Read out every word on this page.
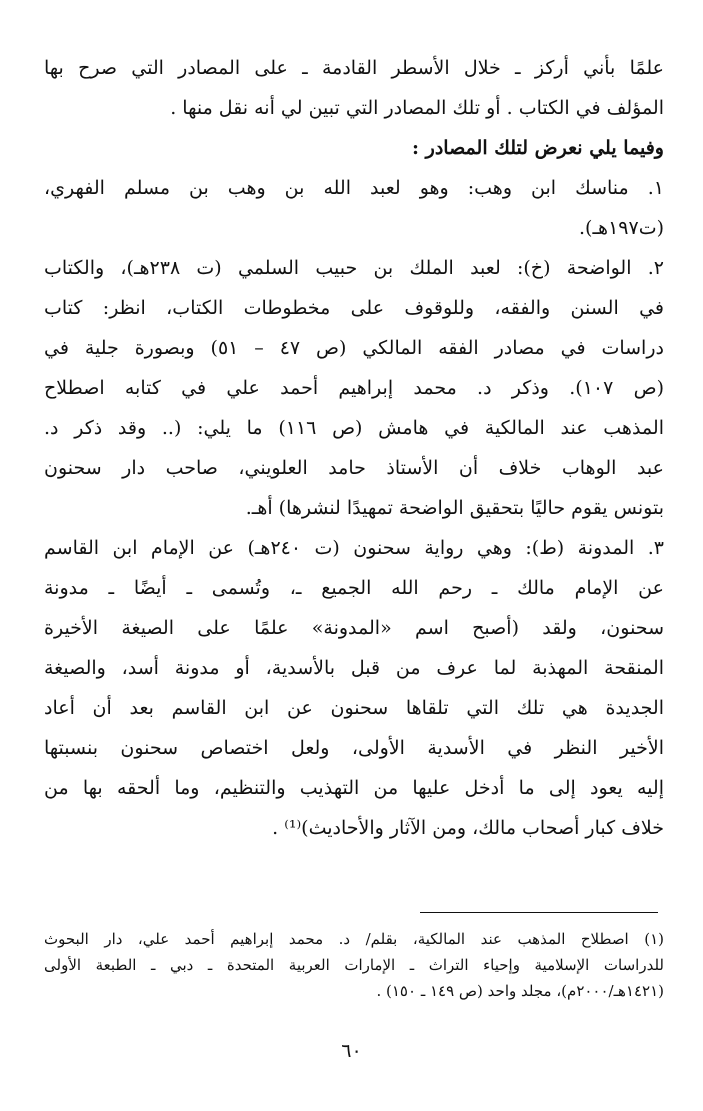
علمًا بأني أركز ـ خلال الأسطر القادمة ـ على المصادر التي صرح بها
المؤلف في الكتاب . أو تلك المصادر التي تبين لي أنه نقل منها .
وفيما يلي نعرض لتلك المصادر :
١. مناسك ابن وهب: وهو لعبد الله بن وهب بن مسلم الفهري،
(ت١٩٧هـ).
٢. الواضحة (خ): لعبد الملك بن حبيب السلمي (ت ٢٣٨هـ)، والكتاب
في السنن والفقه، وللوقوف على مخطوطات الكتاب، انظر: كتاب
دراسات في مصادر الفقه المالكي (ص ٤٧ – ٥١) وبصورة جلية في
(ص ١٠٧). وذكر د. محمد إبراهيم أحمد علي في كتابه اصطلاح
المذهب عند المالكية في هامش (ص ١١٦) ما يلي: (.. وقد ذكر د.
عبد الوهاب خلاف أن الأستاذ حامد العلويني، صاحب دار سحنون
بتونس يقوم حاليًا بتحقيق الواضحة تمهيدًا لنشرها) أهـ.
٣. المدونة (ط): وهي رواية سحنون (ت ٢٤٠هـ) عن الإمام ابن القاسم
عن الإمام مالك ـ رحم الله الجميع ـ، وتُسمى ـ أيضًا ـ مدونة
سحنون، ولقد (أصبح اسم «المدونة» علمًا على الصيغة الأخيرة
المنقحة المهذبة لما عرف من قبل بالأسدية، أو مدونة أسد، والصيغة
الجديدة هي تلك التي تلقاها سحنون عن ابن القاسم بعد أن أعاد
الأخير النظر في الأسدية الأولى، ولعل اختصاص سحنون بنسبتها
إليه يعود إلى ما أدخل عليها من التهذيب والتنظيم، وما ألحقه بها من
خلاف كبار أصحاب مالك، ومن الآثار والأحاديث)⁽¹⁾ .
(١) اصطلاح المذهب عند المالكية، بقلم/ د. محمد إبراهيم أحمد علي، دار البحوث
للدراسات الإسلامية وإحياء التراث ـ الإمارات العربية المتحدة ـ دبي ـ الطبعة الأولى
(١٤٢١هـ/٢٠٠٠م)، مجلد واحد (ص ١٤٩ ـ ١٥٠) .
٦٠
